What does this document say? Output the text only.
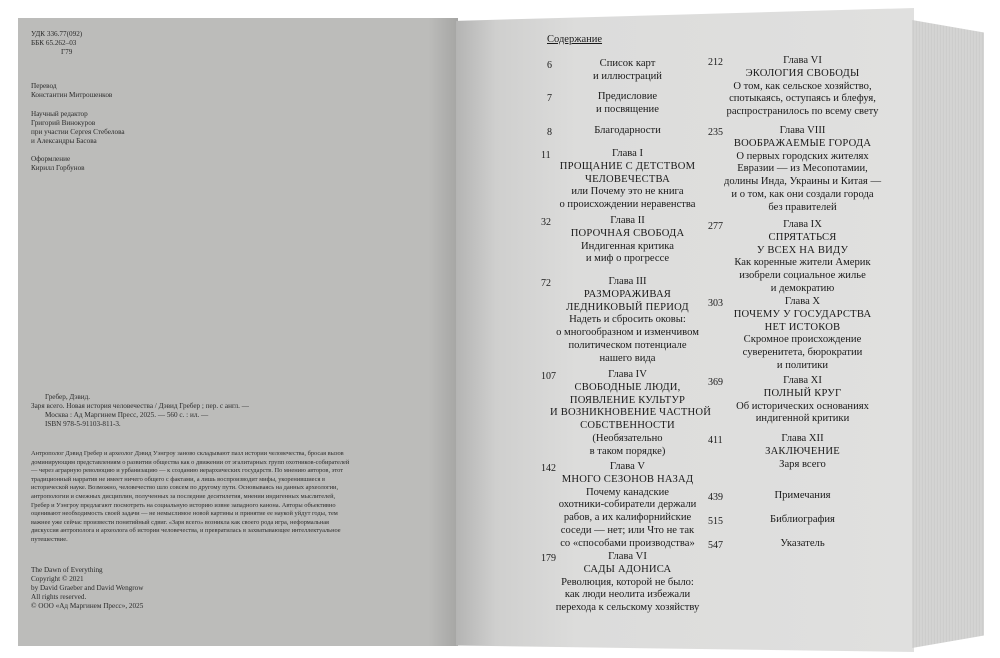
УДК 336.77(092)
ББК 65.262–03
Г79
Перевод
Константин Митрошенков
Научный редактор
Григорий Винокуров
при участии Сергея Стебелова
и Александры Басова
Оформление
Кирилл Горбунов
Гребер, Дэвид.
Заря всего. Новая история человечества / Дэвид Гребер ; пер. с англ. —
Москва : Ад Маргинем Пресс, 2025. — 560 с. : ил. —
ISBN 978-5-91103-811-3.
Антрополог Дэвид Гребер и археолог Дэвид Уэнгроу заново складывают пазл истории человечества, бросая вызов доминирующим представлениям о развитии общества как о движении от эгалитарных групп охотников-собирателей — через аграрную революцию и урбанизацию — к созданию иерархических государств. По мнению авторов, этот традиционный нарратив не имеет ничего общего с фактами, а лишь воспроизводит мифы, укоренившиеся в исторической науке. Возможно, человечество шло совсем по другому пути. Основываясь на данных археологии, антропологии и смежных дисциплин, полученных за последние десятилетия, мнении индигенных мыслителей, Гребер и Уэнгроу предлагают посмотреть на социальную историю извне западного канона. Авторы объективно оценивают необходимость своей задачи — не немыслимое новой картины и принятие ее наукой уйдут годы, тем важнее уже сейчас произвести понятийный сдвиг. «Заря всего» возникла как своего рода игра, неформальная дискуссия антрополога и археолога об истории человечества, и превратилась в захватывающее интеллектуальное путешествие.
The Dawn of Everything
Copyright © 2021
by David Graeber and David Wengrow
All rights reserved.
© ООО «Ад Маргинем Пресс», 2025
Содержание
6	Список карт
и иллюстраций
7	Предисловие
и посвящение
8	Благодарности
11	Глава I
ПРОЩАНИЕ С ДЕТСТВОМ
ЧЕЛОВЕЧЕСТВА
или Почему это не книга
о происхождении неравенства
32	Глава II
ПОРОЧНАЯ СВОБОДА
Индигенная критика
и миф о прогрессе
72	Глава III
РАЗМОРАЖИВАЯ
ЛЕДНИКОВЫЙ ПЕРИОД
Надеть и сбросить оковы:
о многообразном и изменчивом
политическом потенциале
нашего вида
107	Глава IV
СВОБОДНЫЕ ЛЮДИ,
ПОЯВЛЕНИЕ КУЛЬТУР
И ВОЗНИКНОВЕНИЕ ЧАСТНОЙ
СОБСТВЕННОСТИ
(Необязательно
в таком порядке)
142	Глава V
МНОГО СЕЗОНОВ НАЗАД
Почему канадские
охотники-собиратели держали
рабов, а их калифорнийские
соседи — нет; или Что не так
со «способами производства»
179	Глава VI
САДЫ АДОНИСА
Революция, которой не было:
как люди неолита избежали
перехода к сельскому хозяйству
212	Глава VI
ЭКОЛОГИЯ СВОБОДЫ
О том, как сельское хозяйство,
спотыкаясь, оступаясь и блефуя,
распространилось по всему свету
235	Глава VIII
ВООБРАЖАЕМЫЕ ГОРОДА
О первых городских жителях
Евразии — из Месопотамии,
долины Инда, Украины и Китая —
и о том, как они создали города
без правителей
277	Глава IX
СПРЯТАТЬСЯ
У ВСЕХ НА ВИДУ
Как коренные жители Америк
изобрели социальное жилье
и демократию
303	Глава X
ПОЧЕМУ У ГОСУДАРСТВА
НЕТ ИСТОКОВ
Скромное происхождение
суверенитета, бюрократии
и политики
369	Глава XI
ПОЛНЫЙ КРУГ
Об исторических основаниях
индигенной критики
411	Глава XII
ЗАКЛЮЧЕНИЕ
Заря всего
439	Примечания
515	Библиография
547	Указатель
